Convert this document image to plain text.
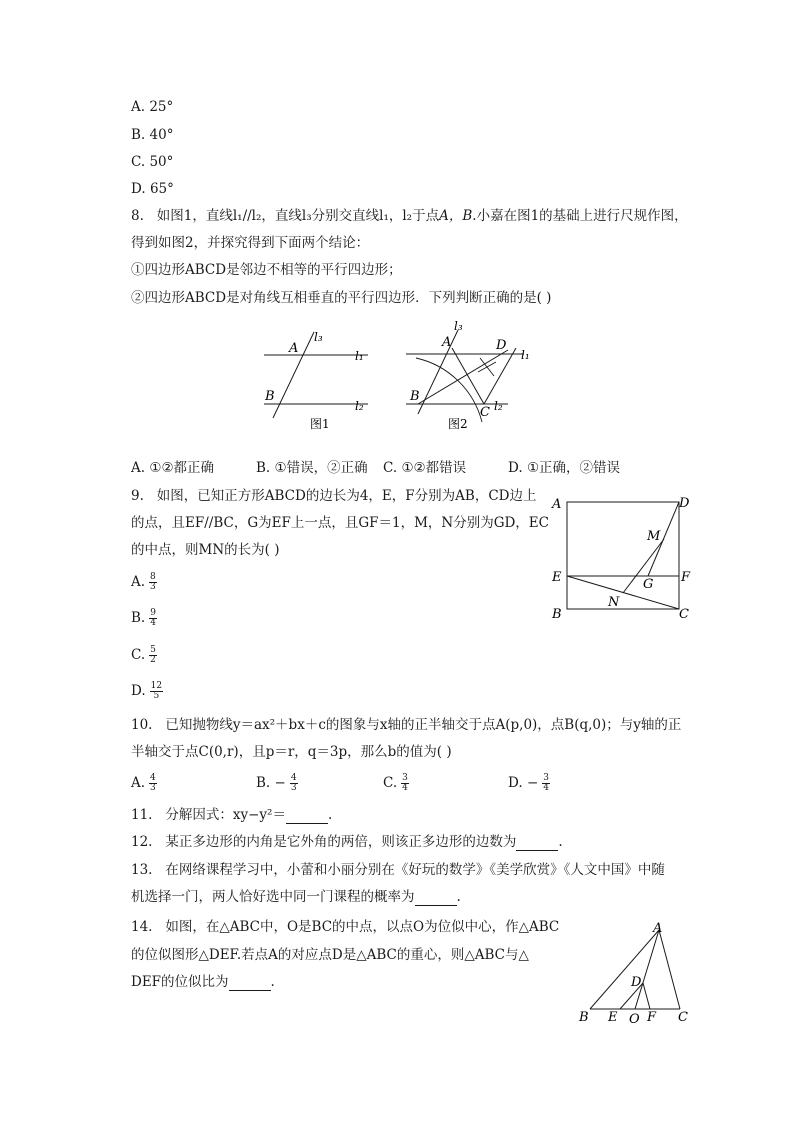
A. 25°
B. 40°
C. 50°
D. 65°
8. 如图1，直线l₁//l₂，直线l₃分别交直线l₁，l₂于点A，B.小嘉在图1的基础上进行尺规作图，
得到如图2，并探究得到下面两个结论：
①四边形ABCD是邻边不相等的平行四边形；
②四边形ABCD是对角线互相垂直的平行四边形．下列判断正确的是( )
A
B
l₃
l₁
l₂
图1
A
B
C
D
l₃
l₁
l₂
图2
A. ①②都正确	B. ①错误，②正确 C. ①②都错误	D. ①正确，②错误
9. 如图，已知正方形ABCD的边长为4，E，F分别为AB，CD边上
的点，且EF//BC，G为EF上一点，且GF＝1，M，N分别为GD，EC
的中点，则MN的长为( )
A. $\frac{8}{3}$
B. $\frac{9}{4}$
C. $\frac{5}{2}$
D. $\frac{12}{5}$
A	D
M
E	G F
N
B	C
10. 已知抛物线y＝ax²＋bx＋c的图象与x轴的正半轴交于点A(p,0)，点B(q,0)；与y轴的正
半轴交于点C(0,r)，且p＝r，q＝3p，那么b的值为( )
A. $\frac{4}{3}$	B. − $\frac{4}{3}$	C. $\frac{3}{4}$	D. − $\frac{3}{4}$
11. 分解因式：xy−y²＝	.
12. 某正多边形的内角是它外角的两倍，则该正多边形的边数为	.
13. 在网络课程学习中，小蕾和小丽分别在《好玩的数学》《美学欣赏》《人文中国》中随
机选择一门，两人恰好选中同一门课程的概率为	.
14. 如图，在△ABC中，O是BC的中点，以点O为位似中心，作△ABC
的位似图形△DEF.若点A的对应点D是△ABC的重心，则△ABC与△
DEF的位似比为	.
A
D
B E O F C
